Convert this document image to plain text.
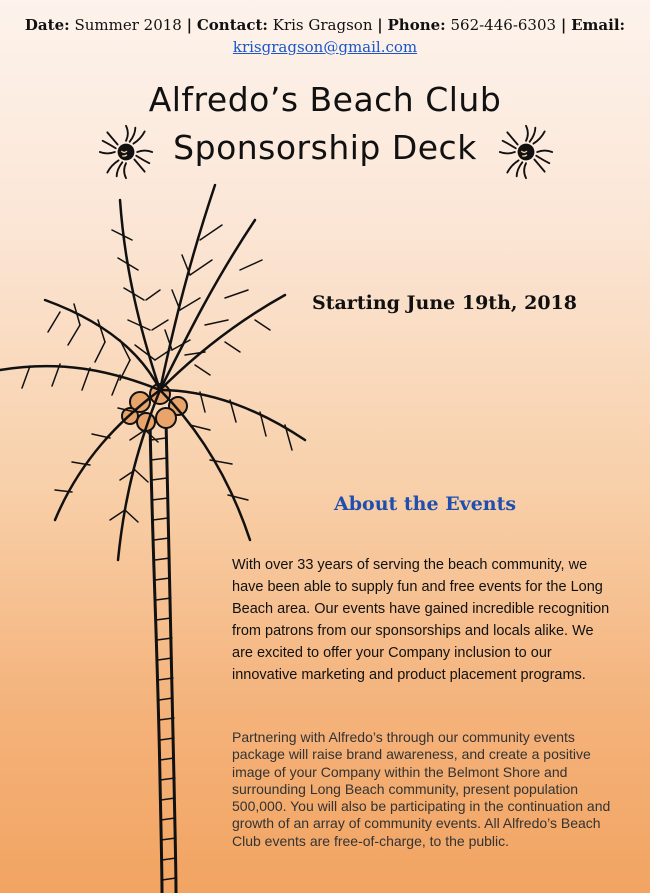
Date: Summer 2018 | Contact: Kris Gragson | Phone: 562-446-6303 | Email:
krisgragson@gmail.com
Alfredo’s Beach Club
Sponsorship Deck
Starting June 19th, 2018
About the Events

With over 33 years of serving the beach community, we have been able to supply fun and free events for the Long Beach area. Our events have gained incredible recognition from patrons from our sponsorships and locals alike. We are excited to offer your Company inclusion to our innovative marketing and product placement programs.

Partnering with Alfredo’s through our community events package will raise brand awareness, and create a positive image of your Company within the Belmont Shore and surrounding Long Beach community, present population 500,000. You will also be participating in the continuation and growth of an array of community events. All Alfredo’s Beach Club events are free-of-charge, to the public.
